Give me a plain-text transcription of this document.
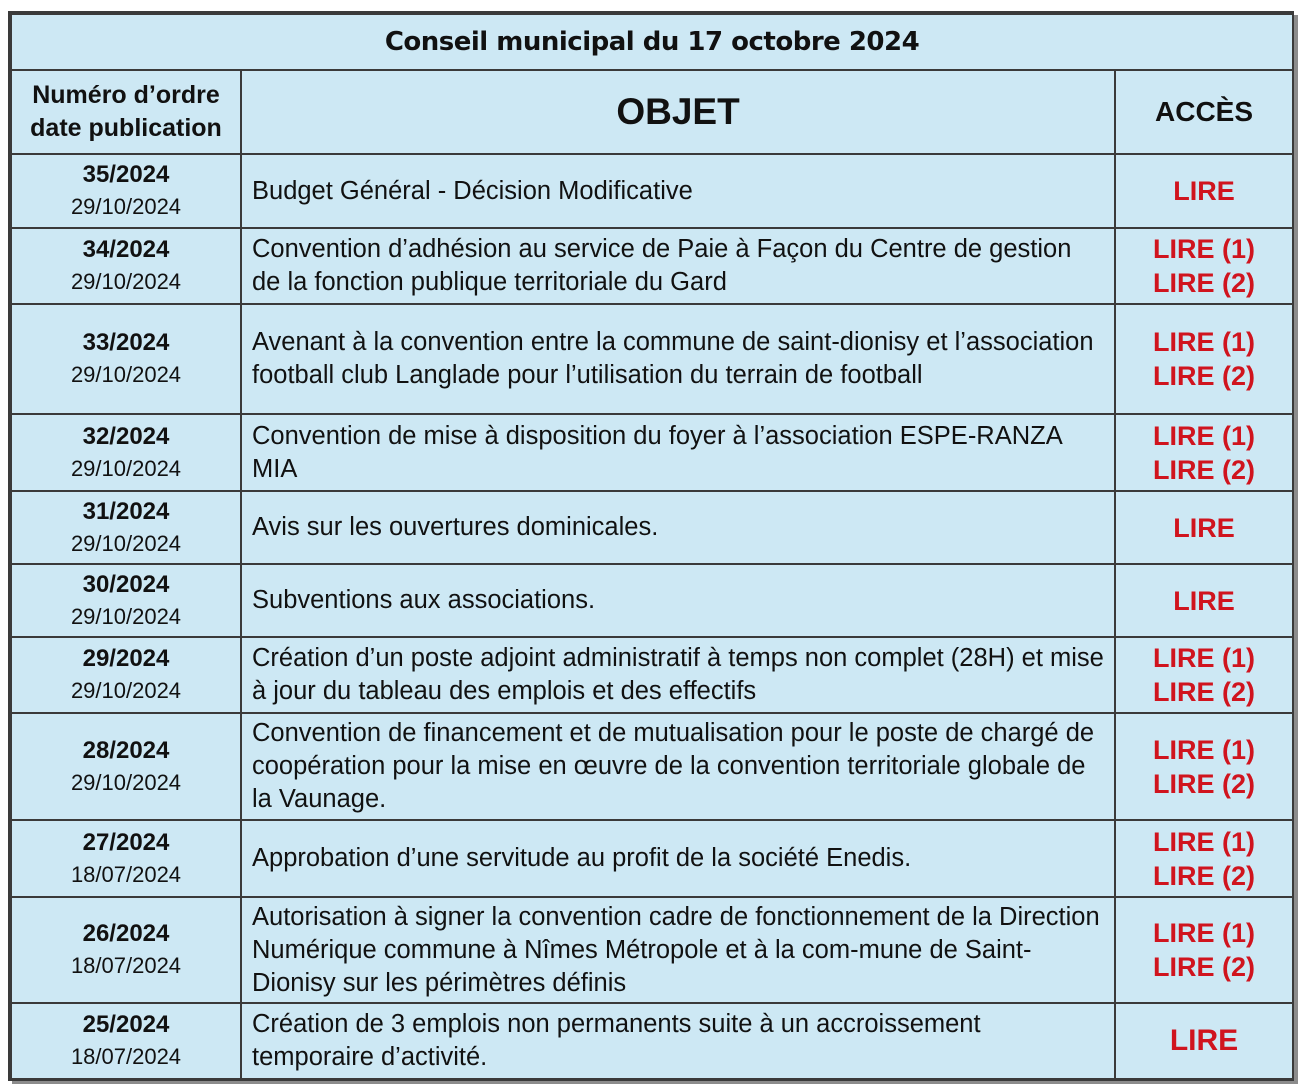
Conseil municipal du 17 octobre 2024		

Numéro d’ordre
date publication	OBJET	ACCÈS

35/2024
29/10/2024	Budget Général - Décision Modificative	LIRE

34/2024
29/10/2024	Convention d’adhésion au service de Paie à Façon du Centre de gestion de la fonction publique territoriale du Gard	LIRE (1)
LIRE (2)

33/2024
29/10/2024	Avenant à la convention entre la commune de saint-dionisy et l’association football club Langlade pour l’utilisation du terrain de football	LIRE (1)
LIRE (2)

32/2024
29/10/2024	Convention de mise à disposition du foyer à l’association ESPE-RANZA MIA	LIRE (1)
LIRE (2)

31/2024
29/10/2024	Avis sur les ouvertures dominicales.	LIRE

30/2024
29/10/2024	Subventions aux associations.	LIRE

29/2024
29/10/2024	Création d’un poste adjoint administratif à temps non complet (28H) et mise à jour du tableau des emplois et des effectifs	LIRE (1)
LIRE (2)

28/2024
29/10/2024	Convention de financement et de mutualisation pour le poste de chargé de coopération pour la mise en œuvre de la convention territoriale globale de la Vaunage.	LIRE (1)
LIRE (2)

27/2024
18/07/2024	Approbation d’une servitude au profit de la société Enedis.	LIRE (1)
LIRE (2)

26/2024
18/07/2024	Autorisation à signer la convention cadre de fonctionnement de la Direction Numérique commune à Nîmes Métropole et à la com-mune de Saint-Dionisy sur les périmètres définis	LIRE (1)
LIRE (2)

25/2024
18/07/2024	Création de 3 emplois non permanents suite à un accroissement temporaire d’activité.	LIRE
